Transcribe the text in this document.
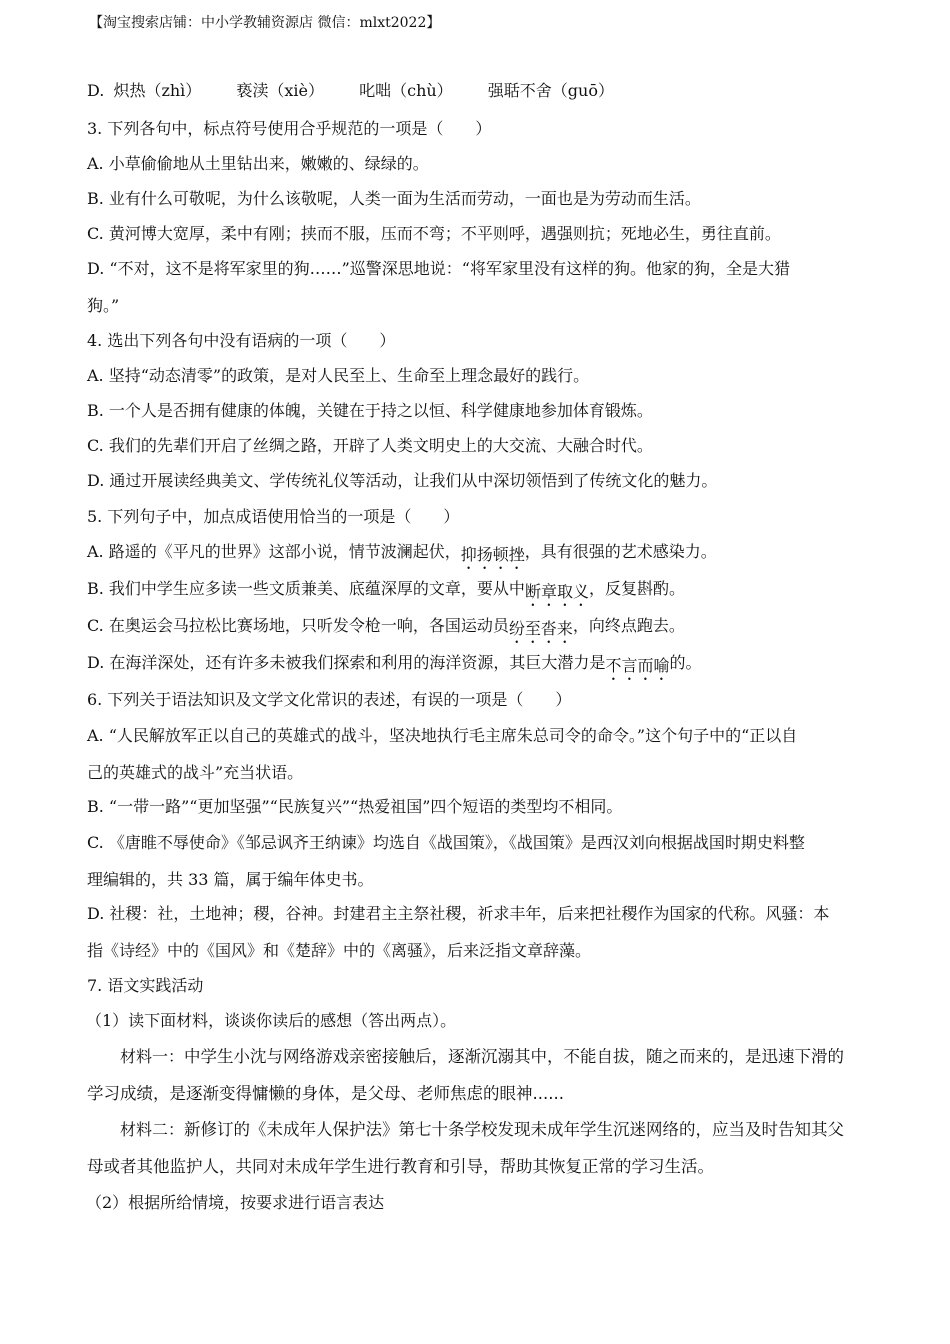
【淘宝搜索店铺：中小学教辅资源店 微信：mlxt2022】
D. 炽热（zhì） 亵渎（xiè） 叱咄（chù） 强聒不舍（guō）
3. 下列各句中，标点符号使用合乎规范的一项是（　　）
A. 小草偷偷地从土里钻出来，嫩嫩的、绿绿的。
B. 业有什么可敬呢，为什么该敬呢，人类一面为生活而劳动，一面也是为劳动而生活。
C. 黄河博大宽厚，柔中有刚；挟而不服，压而不弯；不平则呼，遇强则抗；死地必生，勇往直前。
D. “不对，这不是将军家里的狗……”巡警深思地说：“将军家里没有这样的狗。他家的狗，全是大猎
狗。”
4. 选出下列各句中没有语病的一项（　　）
A. 坚持“动态清零”的政策，是对人民至上、生命至上理念最好的践行。
B. 一个人是否拥有健康的体魄，关键在于持之以恒、科学健康地参加体育锻炼。
C. 我们的先辈们开启了丝绸之路，开辟了人类文明史上的大交流、大融合时代。
D. 通过开展读经典美文、学传统礼仪等活动，让我们从中深切领悟到了传统文化的魅力。
5. 下列句子中，加点成语使用恰当的一项是（　　）
A. 路遥的《平凡的世界》这部小说，情节波澜起伏，抑扬顿挫，具有很强的艺术感染力。
B. 我们中学生应多读一些文质兼美、底蕴深厚的文章，要从中断章取义，反复斟酌。
C. 在奥运会马拉松比赛场地，只听发令枪一响，各国运动员纷至沓来，向终点跑去。
D. 在海洋深处，还有许多未被我们探索和利用的海洋资源，其巨大潜力是不言而喻的。
6. 下列关于语法知识及文学文化常识的表述，有误的一项是（　　）
A. “人民解放军正以自己的英雄式的战斗，坚决地执行毛主席朱总司令的命令。”这个句子中的“正以自
己的英雄式的战斗”充当状语。
B. “一带一路”“更加坚强”“民族复兴”“热爱祖国”四个短语的类型均不相同。
C. 《唐睢不辱使命》《邹忌讽齐王纳谏》均选自《战国策》，《战国策》是西汉刘向根据战国时期史料整
理编辑的，共 33 篇，属于编年体史书。
D. 社稷：社，土地神；稷，谷神。封建君主主祭社稷，祈求丰年，后来把社稷作为国家的代称。风骚：本
指《诗经》中的《国风》和《楚辞》中的《离骚》，后来泛指文章辞藻。
7. 语文实践活动
（1）读下面材料，谈谈你读后的感想（答出两点）。
材料一：中学生小沈与网络游戏亲密接触后，逐渐沉溺其中，不能自拔，随之而来的，是迅速下滑的
学习成绩，是逐渐变得慵懒的身体，是父母、老师焦虑的眼神......
材料二：新修订的《未成年人保护法》第七十条学校发现未成年学生沉迷网络的，应当及时告知其父
母或者其他监护人，共同对未成年学生进行教育和引导，帮助其恢复正常的学习生活。
（2）根据所给情境，按要求进行语言表达
